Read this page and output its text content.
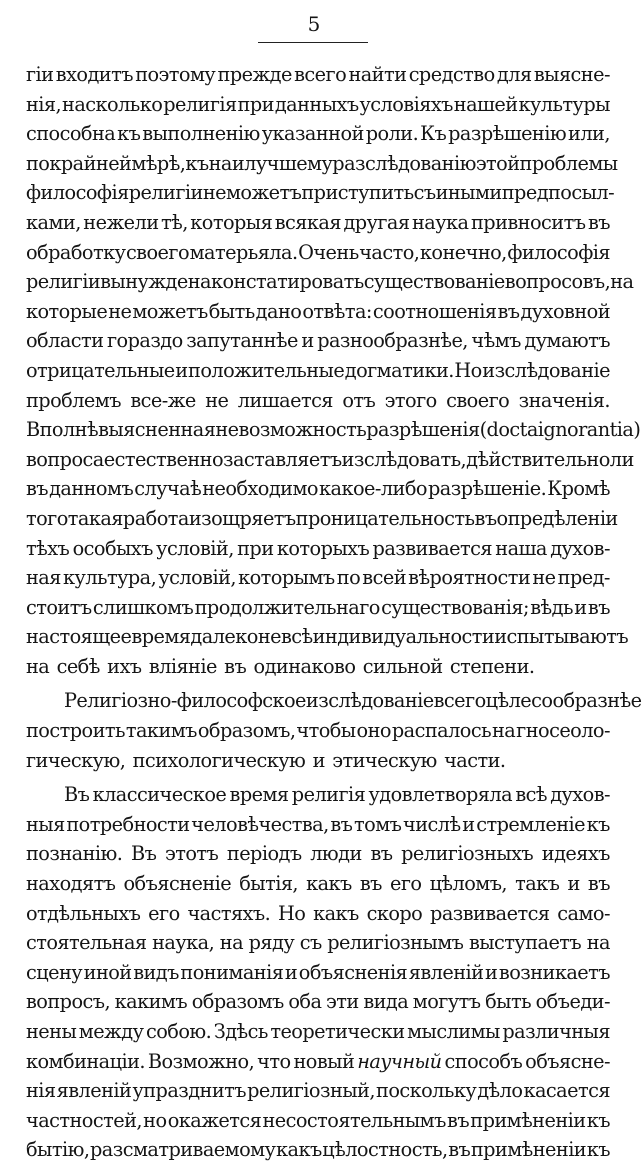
5
гіи входитъ поэтому прежде всего найти средство для выясне-
нія, насколько религія при данныхъ условіяхъ нашей культуры
способна къ выполненію указанной роли. Къ разрѣшенію или,
по крайней мѣрѣ, къ наилучшему разслѣдованію этой проблемы
философія религіи не можетъ приступить съ иными предпосыл-
ками, нежели тѣ, которыя всякая другая наука привноситъ въ
обработку своего матерьяла. Очень часто, конечно, философія
религіи вынуждена констатировать существованіе вопросовъ, на
которые не можетъ быть дано отвѣта: соотношенія въ духовной
области гораздо запутаннѣе и разнообразнѣе, чѣмъ думаютъ
отрицательные и положительные догматики. Но изслѣдованіе
проблемъ все-же не лишается отъ этого своего значенія.
Вполнѣ выясненная невозможность разрѣшенія (docta ignorantia)
вопроса естественно заставляетъ изслѣдовать, дѣйствительно ли
въ данномъ случаѣ необходимо какое-либо разрѣшеніе. Кромѣ
того такая работа изощряетъ проницательность въ опредѣленіи
тѣхъ особыхъ условій, при которыхъ развивается наша духов-
ная культура, условій, которымъ по всей вѣроятности не пред-
стоитъ слишкомъ продолжительнаго существованія; вѣдь и въ
настоящее время далеко не всѣ индивидуальности испытываютъ
на себѣ ихъ вліяніе въ одинаково сильной степени.
Религіозно-философское изслѣдованіе всего цѣлесообразнѣе
построить такимъ образомъ, чтобы оно распалось на гносеоло-
гическую, психологическую и этическую части.
Въ классическое время религія удовлетворяла всѣ духов-
ныя потребности человѣчества, въ томъ числѣ и стремленіе къ
познанію. Въ этотъ періодъ люди въ религіозныхъ идеяхъ
находятъ объясненіе бытія, какъ въ его цѣломъ, такъ и въ
отдѣльныхъ его частяхъ. Но какъ скоро развивается само-
стоятельная наука, на ряду съ религіознымъ выступаетъ на
сцену иной видъ пониманія и объясненія явленій и возникаетъ
вопросъ, какимъ образомъ оба эти вида могутъ быть объеди-
нены между собою. Здѣсь теоретически мыслимы различныя
комбинаціи. Возможно, что новый научный способъ объясне-
нія явленій упразднитъ религіозный, поскольку дѣло касается
частностей, но окажется несостоятельнымъ въ примѣненіи къ
бытію, разсматриваемому какъ цѣлостность, въ примѣненіи къ
